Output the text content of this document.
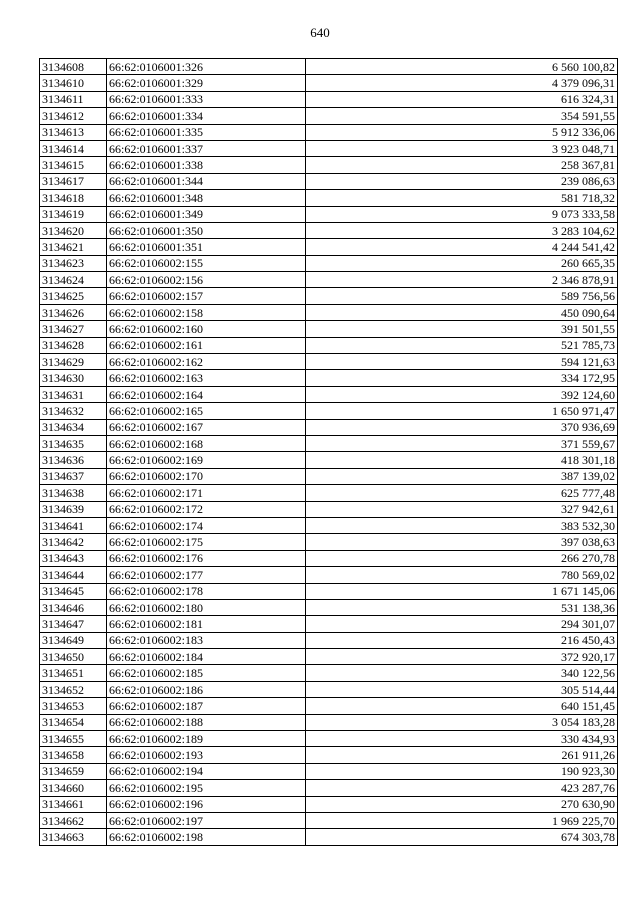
640
3134608	66:62:0106001:326	6 560 100,82
3134610	66:62:0106001:329	4 379 096,31
3134611	66:62:0106001:333	616 324,31
3134612	66:62:0106001:334	354 591,55
3134613	66:62:0106001:335	5 912 336,06
3134614	66:62:0106001:337	3 923 048,71
3134615	66:62:0106001:338	258 367,81
3134617	66:62:0106001:344	239 086,63
3134618	66:62:0106001:348	581 718,32
3134619	66:62:0106001:349	9 073 333,58
3134620	66:62:0106001:350	3 283 104,62
3134621	66:62:0106001:351	4 244 541,42
3134623	66:62:0106002:155	260 665,35
3134624	66:62:0106002:156	2 346 878,91
3134625	66:62:0106002:157	589 756,56
3134626	66:62:0106002:158	450 090,64
3134627	66:62:0106002:160	391 501,55
3134628	66:62:0106002:161	521 785,73
3134629	66:62:0106002:162	594 121,63
3134630	66:62:0106002:163	334 172,95
3134631	66:62:0106002:164	392 124,60
3134632	66:62:0106002:165	1 650 971,47
3134634	66:62:0106002:167	370 936,69
3134635	66:62:0106002:168	371 559,67
3134636	66:62:0106002:169	418 301,18
3134637	66:62:0106002:170	387 139,02
3134638	66:62:0106002:171	625 777,48
3134639	66:62:0106002:172	327 942,61
3134641	66:62:0106002:174	383 532,30
3134642	66:62:0106002:175	397 038,63
3134643	66:62:0106002:176	266 270,78
3134644	66:62:0106002:177	780 569,02
3134645	66:62:0106002:178	1 671 145,06
3134646	66:62:0106002:180	531 138,36
3134647	66:62:0106002:181	294 301,07
3134649	66:62:0106002:183	216 450,43
3134650	66:62:0106002:184	372 920,17
3134651	66:62:0106002:185	340 122,56
3134652	66:62:0106002:186	305 514,44
3134653	66:62:0106002:187	640 151,45
3134654	66:62:0106002:188	3 054 183,28
3134655	66:62:0106002:189	330 434,93
3134658	66:62:0106002:193	261 911,26
3134659	66:62:0106002:194	190 923,30
3134660	66:62:0106002:195	423 287,76
3134661	66:62:0106002:196	270 630,90
3134662	66:62:0106002:197	1 969 225,70
3134663	66:62:0106002:198	674 303,78
